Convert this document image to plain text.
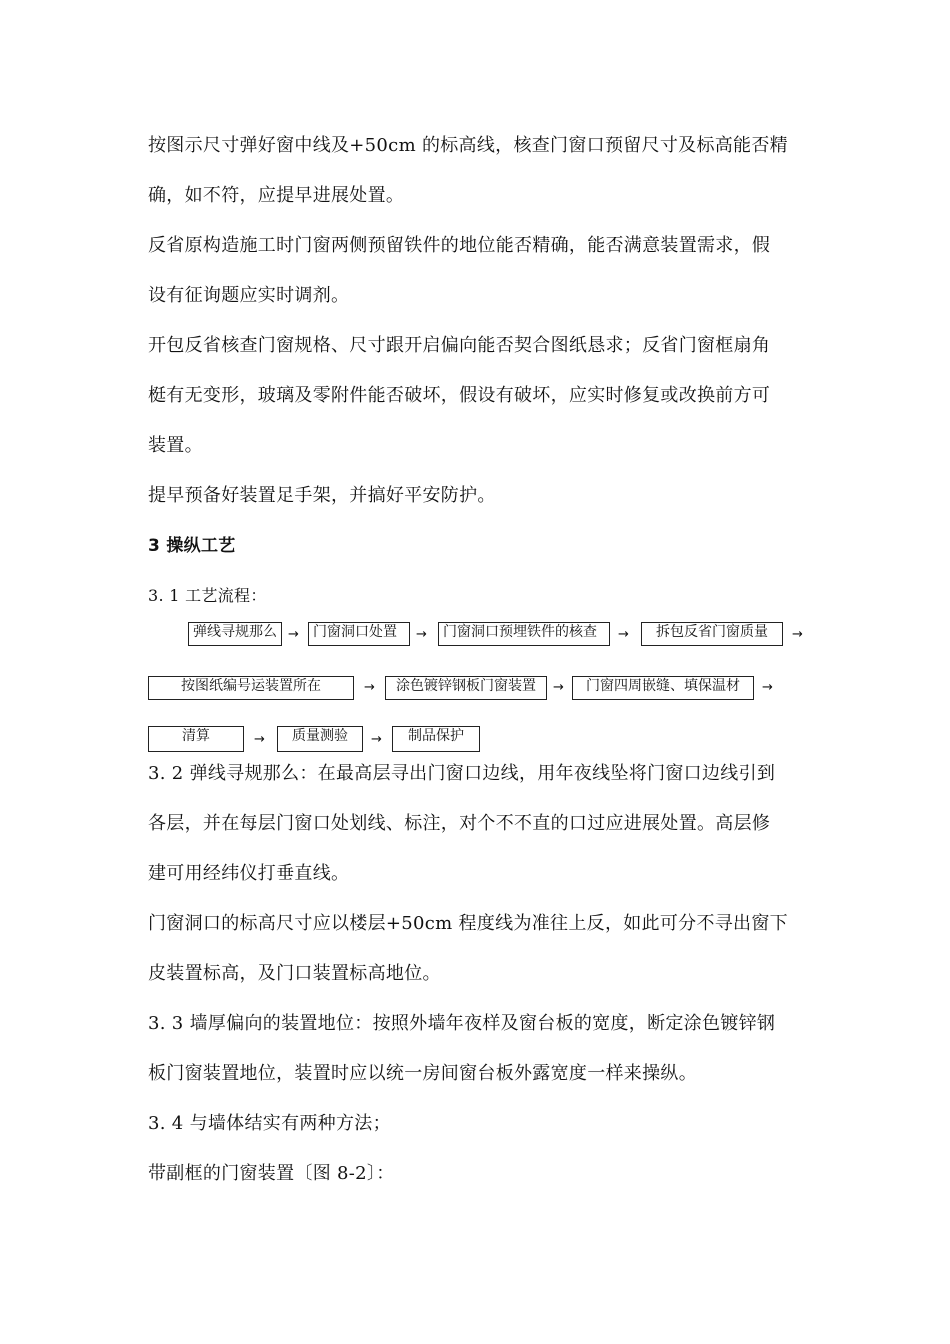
按图示尺寸弹好窗中线及+50cm 的标高线，核查门窗口预留尺寸及标高能否精
确，如不符，应提早进展处置。
反省原构造施工时门窗两侧预留铁件的地位能否精确，能否满意装置需求，假
设有征询题应实时调剂。
开包反省核查门窗规格、尺寸跟开启偏向能否契合图纸恳求；反省门窗框扇角
梃有无变形，玻璃及零附件能否破坏，假设有破坏，应实时修复或改换前方可
装置。
提早预备好装置足手架，并搞好平安防护。
3 操纵工艺
3. 1 工艺流程：
弹线寻规那么 →	门窗洞口处置	→	门窗洞口预埋铁件的核查	→	拆包反省门窗质量	→
按图纸编号运装置所在	→	涂色镀锌钢板门窗装置	→	门窗四周嵌缝、填保温材	→
清算	→	质量测验	→	制品保护
3. 2 弹线寻规那么：在最高层寻出门窗口边线，用年夜线坠将门窗口边线引到
各层，并在每层门窗口处划线、标注，对个不不直的口过应进展处置。高层修
建可用经纬仪打垂直线。
门窗洞口的标高尺寸应以楼层+50cm 程度线为准往上反，如此可分不寻出窗下
皮装置标高，及门口装置标高地位。
3. 3 墙厚偏向的装置地位：按照外墙年夜样及窗台板的宽度，断定涂色镀锌钢
板门窗装置地位，装置时应以统一房间窗台板外露宽度一样来操纵。
3. 4 与墙体结实有两种方法；
带副框的门窗装置〔图 8-2〕：
